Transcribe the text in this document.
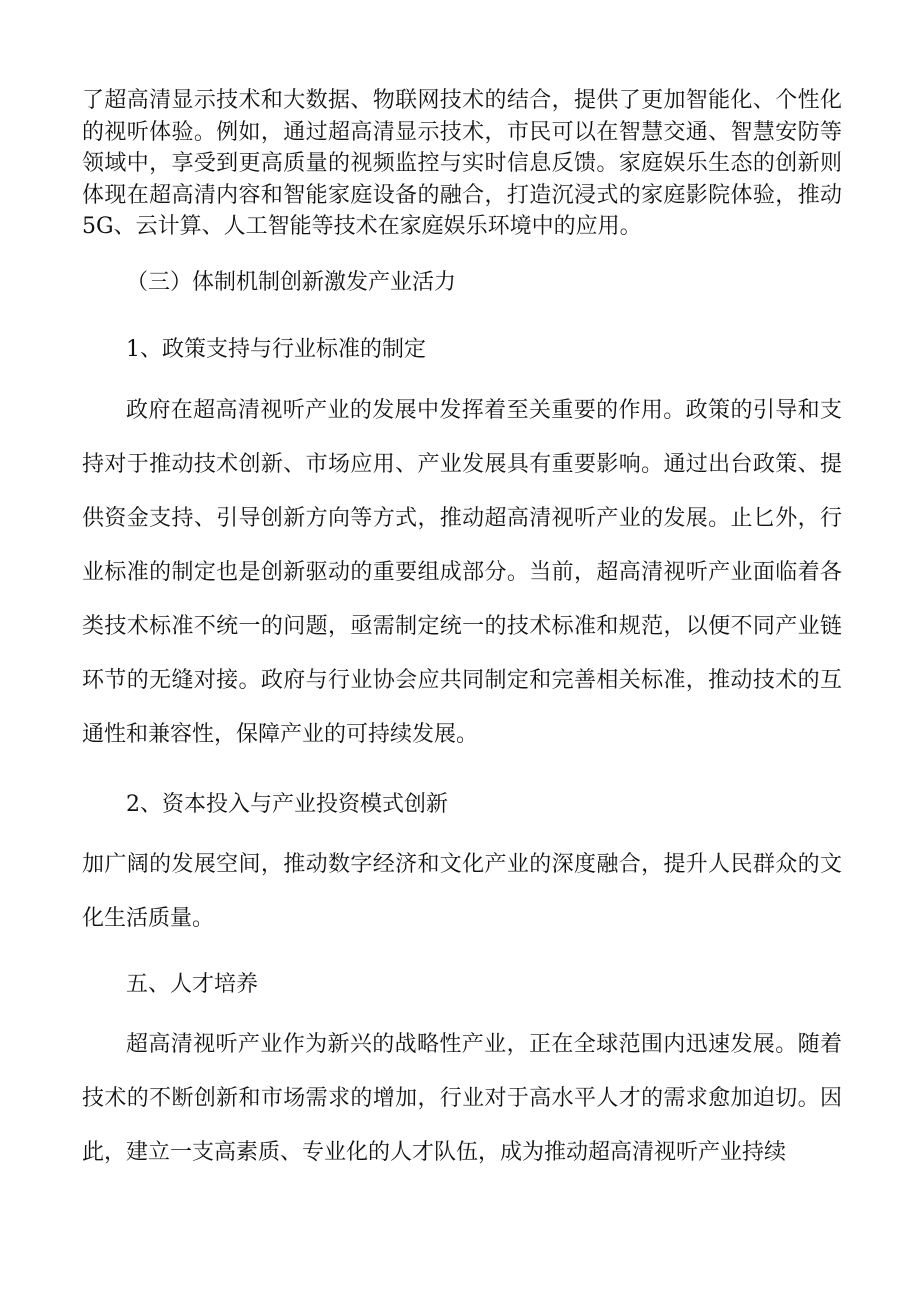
了超高清显示技术和大数据、物联网技术的结合，提供了更加智能化、个性化的视听体验。例如，通过超高清显示技术，市民可以在智慧交通、智慧安防等领域中，享受到更高质量的视频监控与实时信息反馈。家庭娱乐生态的创新则体现在超高清内容和智能家庭设备的融合，打造沉浸式的家庭影院体验，推动5G、云计算、人工智能等技术在家庭娱乐环境中的应用。

（三）体制机制创新激发产业活力

1、政策支持与行业标准的制定

政府在超高清视听产业的发展中发挥着至关重要的作用。政策的引导和支持对于推动技术创新、市场应用、产业发展具有重要影响。通过出台政策、提供资金支持、引导创新方向等方式，推动超高清视听产业的发展。止匕外，行业标准的制定也是创新驱动的重要组成部分。当前，超高清视听产业面临着各类技术标准不统一的问题，亟需制定统一的技术标准和规范，以便不同产业链环节的无缝对接。政府与行业协会应共同制定和完善相关标准，推动技术的互通性和兼容性，保障产业的可持续发展。

2、资本投入与产业投资模式创新

加广阔的发展空间，推动数字经济和文化产业的深度融合，提升人民群众的文化生活质量。

五、人才培养

超高清视听产业作为新兴的战略性产业，正在全球范围内迅速发展。随着技术的不断创新和市场需求的增加，行业对于高水平人才的需求愈加迫切。因此，建立一支高素质、专业化的人才队伍，成为推动超高清视听产业持续
